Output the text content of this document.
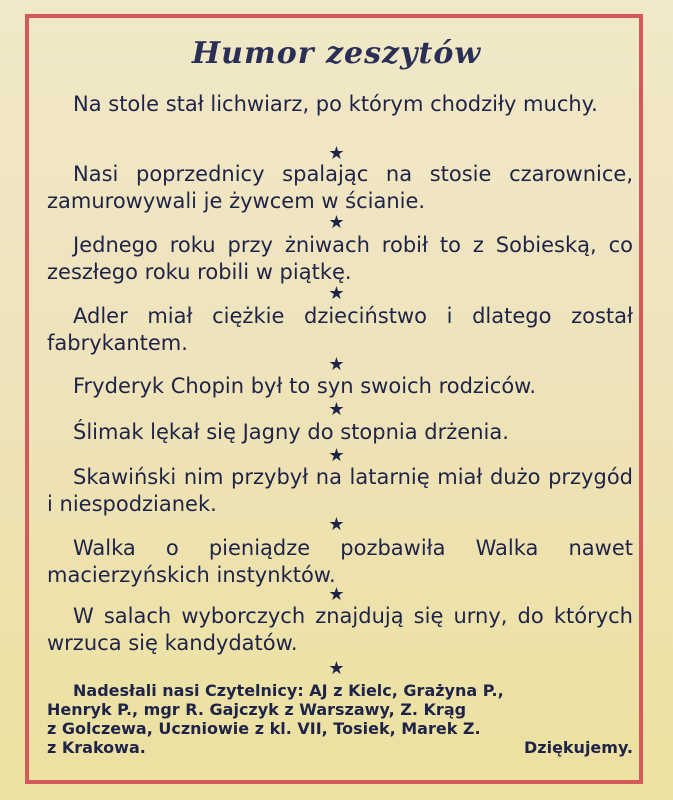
Humor zeszytów
Na stole stał lichwiarz, po którym chodziły muchy.
★
Nasi poprzednicy spalając na stosie czarownice, zamurowywali je żywcem w ścianie.
★
Jednego roku przy żniwach robił to z Sobieską, co zeszłego roku robili w piątkę.
★
Adler miał ciężkie dzieciństwo i dlatego został fabrykantem.
★
Fryderyk Chopin był to syn swoich rodziców.
★
Ślimak lękał się Jagny do stopnia drżenia.
★
Skawiński nim przybył na latarnię miał dużo przygód i niespodzianek.
★
Walka o pieniądze pozbawiła Walka nawet macierzyńskich instynktów.
★
W salach wyborczych znajdują się urny, do których wrzuca się kandydatów.
★
Nadesłali nasi Czytelnicy: AJ z Kielc, Grażyna P.,
Henryk P., mgr R. Gajczyk z Warszawy, Z. Krąg
z Golczewa, Uczniowie z kl. VII, Tosiek, Marek Z.
z Krakowa.	Dziękujemy.
